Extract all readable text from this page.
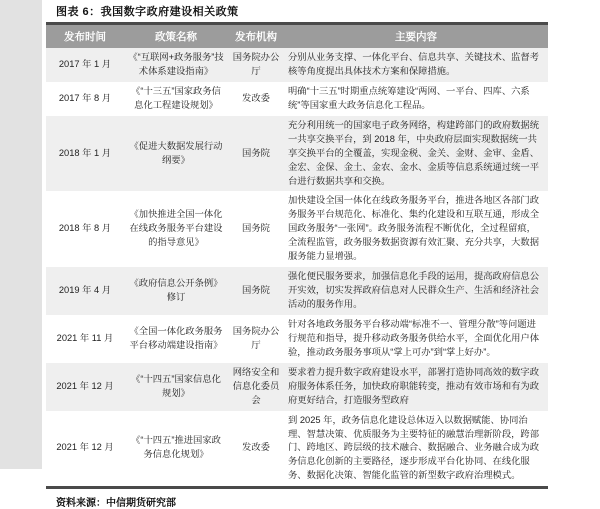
图表 6：我国数字政府建设相关政策
发布时间	政策名称	发布机构	主要内容
2017 年 1 月	《“互联网+政务服务”技术体系建设指南》	国务院办公厅	分别从业务支撑、一体化平台、信息共享、关键技术、监督考核等角度提出具体技术方案和保障措施。
2017 年 8 月	《“十三五”国家政务信息化工程建设规划》	发改委	明确“十三五”时期重点统筹建设“两网、一平台、四库、六系统”等国家重大政务信息化工程品。
2018 年 1 月	《促进大数据发展行动纲要》	国务院	充分利用统一的国家电子政务网络，构建跨部门的政府数据统一共享交换平台，到 2018 年，中央政府层面实现数据统一共享交换平台的全覆盖，实现金税、金关、金财、金审、金盾、金宏、金保、金土、金农、金水、金质等信息系统通过统一平台进行数据共享和交换。
2018 年 8 月	《加快推进全国一体化在线政务服务平台建设的指导意见》	国务院	加快建设全国一体化在线政务服务平台，推进各地区各部门政务服务平台规范化、标准化、集约化建设和互联互通，形成全国政务服务“一张网”。政务服务流程不断优化，全过程留痕，全流程监管，政务服务数据资源有效汇聚、充分共享，大数据服务能力显增强。
2019 年 4 月	《政府信息公开条例》修订	国务院	强化便民服务要求，加强信息化手段的运用，提高政府信息公开实效，切实发挥政府信息对人民群众生产、生活和经济社会活动的服务作用。
2021 年 11 月	《全国一体化政务服务平台移动端建设指南》	国务院办公厅	针对各地政务服务平台移动端“标准不一、管理分散”等问题进行规范和指导，提升移动政务服务供给水平，全面优化用户体验，推动政务服务事项从“掌上可办”到“掌上好办”。
2021 年 12 月	《“十四五”国家信息化规划》	网络安全和信息化委员会	要求着力提升数字政府建设水平，部署打造协同高效的数字政府服务体系任务，加快政府职能转变，推动有效市场和有为政府更好结合，打造服务型政府
2021 年 12 月	《“十四五”推进国家政务信息化规划》	发改委	到 2025 年，政务信息化建设总体迈入以数据赋能、协同治理、智慧决策、优质服务为主要特征的融慧治理新阶段，跨部门、跨地区、跨层级的技术融合、数据融合、业务融合成为政务信息化创新的主要路径，逐步形成平台化协同、在线化服务、数据化决策、智能化监管的新型数字政府治理模式。
资料来源：中信期货研究部
